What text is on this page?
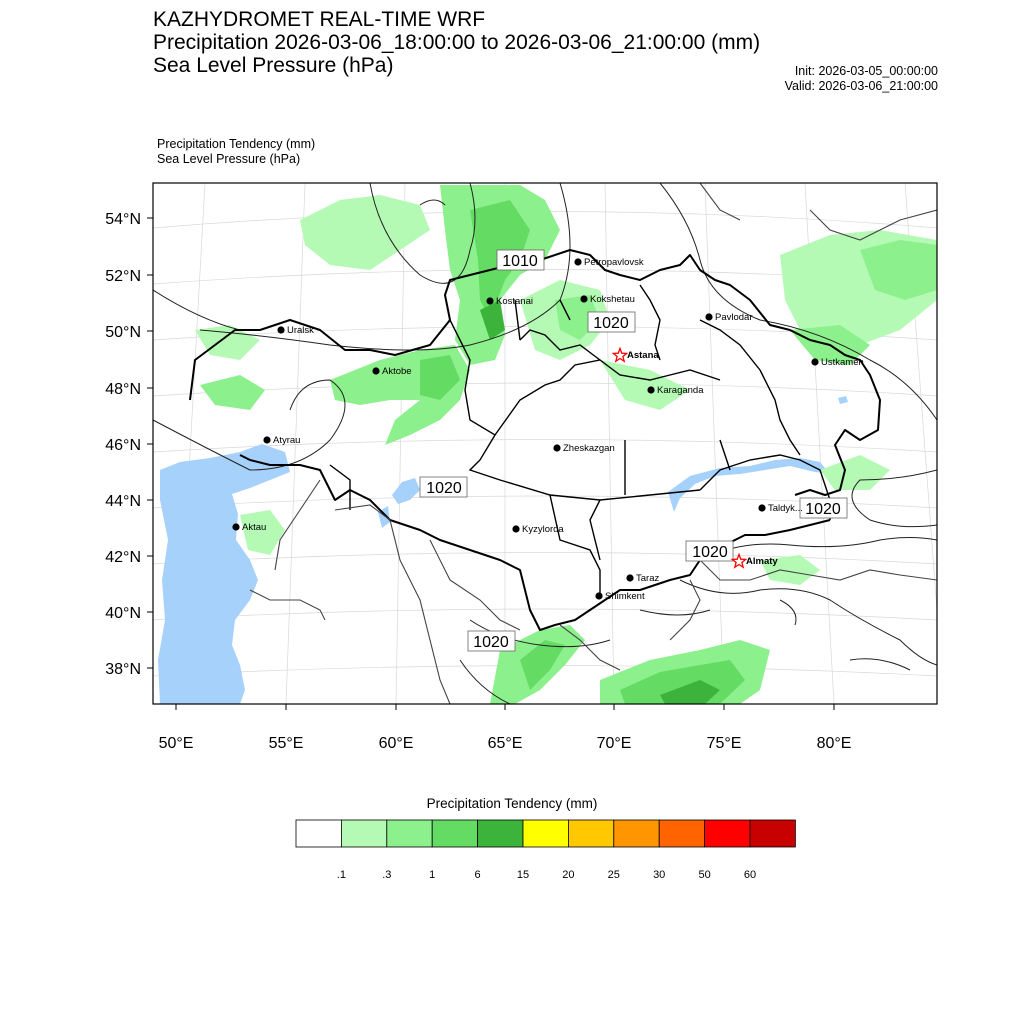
KAZHYDROMET REAL-TIME WRF
Precipitation 2026-03-06_18:00:00 to 2026-03-06_21:00:00 (mm)
Sea Level Pressure (hPa)	Init: 2026-03-05_00:00:00
Valid: 2026-03-06_21:00:00
Precipitation Tendency (mm)
Sea Level Pressure (hPa)
54°N
52°N
50°N
48°N
46°N
44°N
42°N
40°N
38°N
50°E	55°E	60°E	65°E	70°E	75°E	80°E
1010
1020
1020
1020
1020
1020
Petropavlovsk
Kostanai	Kokshetau
Pavlodar
Uralsk
Astana
Aktobe
Ustkamen
Karaganda
Atyrau
Zheskazgan
Aktau	Kyzylorda
Taldyk...
Almaty
Taraz
Shimkent
Precipitation Tendency (mm)
.1	.3	1	6	15	20	25	30	50	60
